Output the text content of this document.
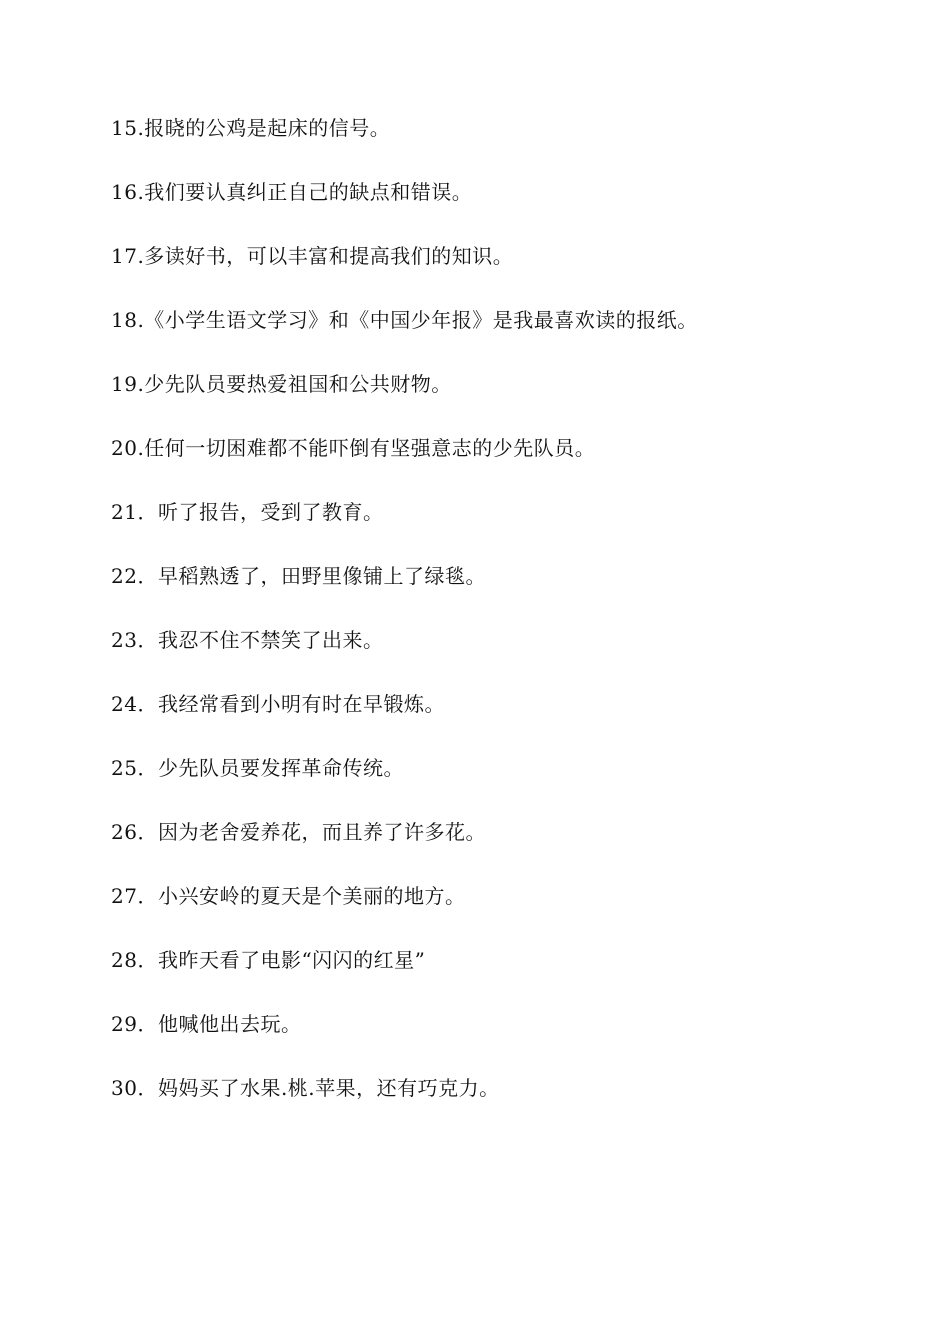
15.报晓的公鸡是起床的信号。
16.我们要认真纠正自己的缺点和错误。
17.多读好书，可以丰富和提高我们的知识。
18.《小学生语文学习》和《中国少年报》是我最喜欢读的报纸。
19.少先队员要热爱祖国和公共财物。
20.任何一切困难都不能吓倒有坚强意志的少先队员。
21．听了报告，受到了教育。
22．早稻熟透了，田野里像铺上了绿毯。
23．我忍不住不禁笑了出来。
24．我经常看到小明有时在早锻炼。
25．少先队员要发挥革命传统。
26．因为老舍爱养花，而且养了许多花。
27．小兴安岭的夏天是个美丽的地方。
28．我昨天看了电影“闪闪的红星”
29．他喊他出去玩。
30．妈妈买了水果.桃.苹果，还有巧克力。
